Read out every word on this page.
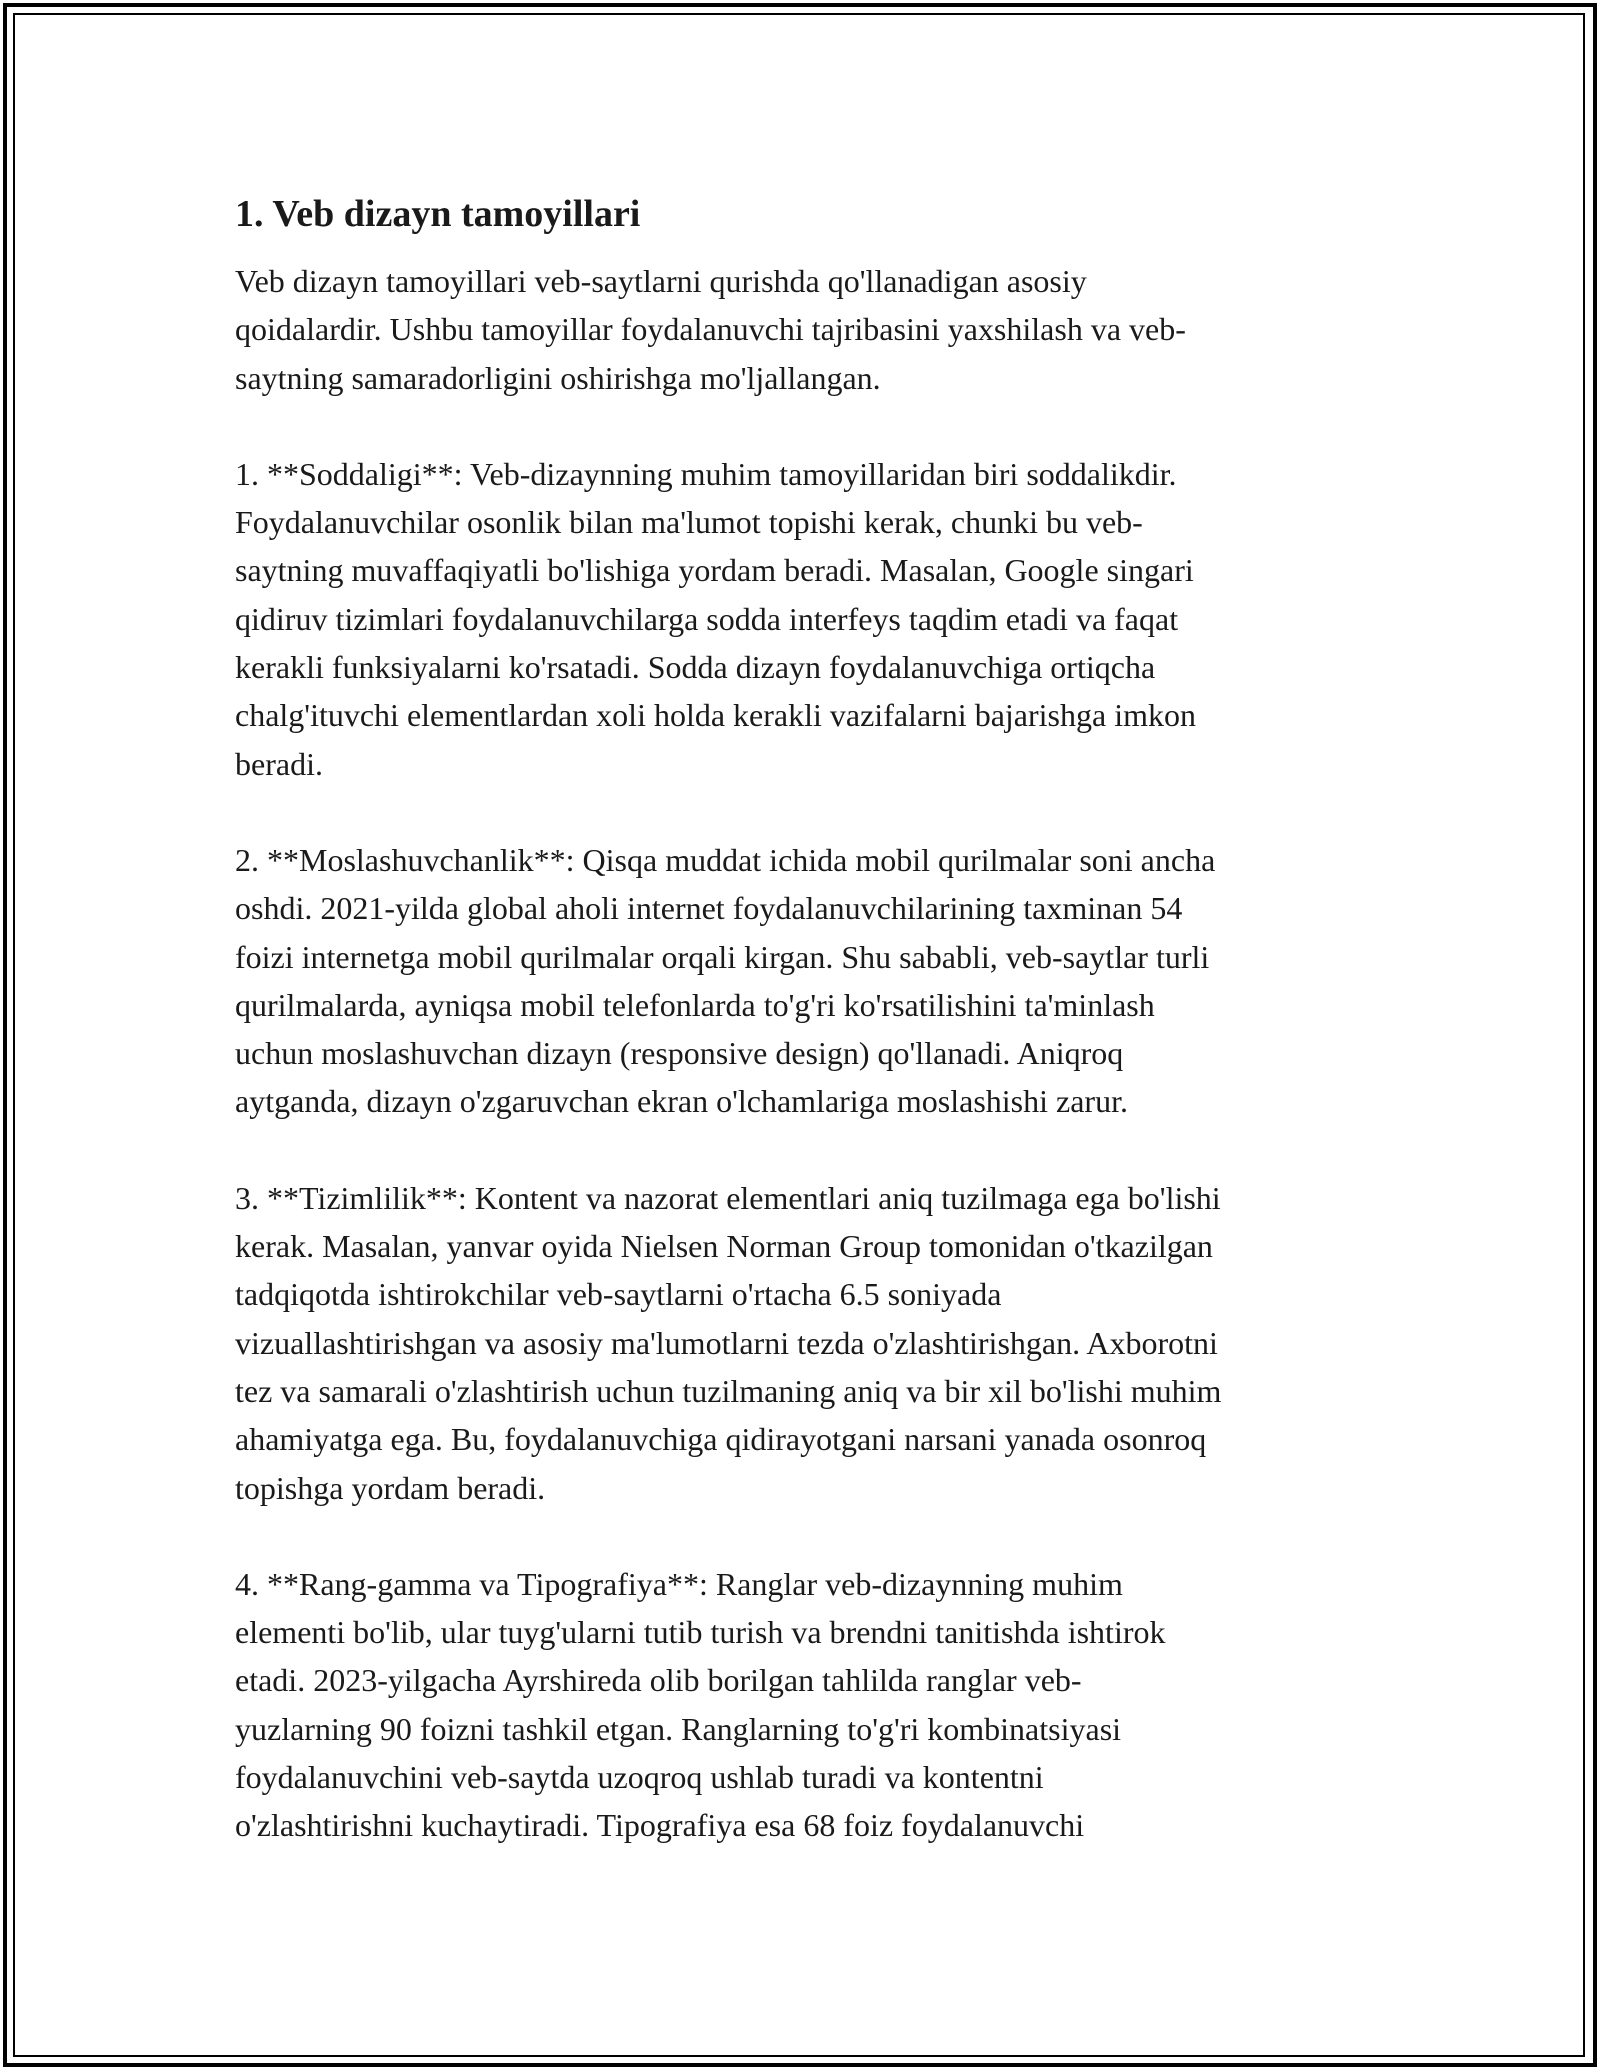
1. Veb dizayn tamoyillari

Veb dizayn tamoyillari veb-saytlarni qurishda qo'llanadigan asosiy
qoidalardir. Ushbu tamoyillar foydalanuvchi tajribasini yaxshilash va veb-
saytning samaradorligini oshirishga mo'ljallangan.

1. **Soddaligi**: Veb-dizaynning muhim tamoyillaridan biri soddalikdir.
Foydalanuvchilar osonlik bilan ma'lumot topishi kerak, chunki bu veb-
saytning muvaffaqiyatli bo'lishiga yordam beradi. Masalan, Google singari
qidiruv tizimlari foydalanuvchilarga sodda interfeys taqdim etadi va faqat
kerakli funksiyalarni ko'rsatadi. Sodda dizayn foydalanuvchiga ortiqcha
chalg'ituvchi elementlardan xoli holda kerakli vazifalarni bajarishga imkon
beradi.

2. **Moslashuvchanlik**: Qisqa muddat ichida mobil qurilmalar soni ancha
oshdi. 2021-yilda global aholi internet foydalanuvchilarining taxminan 54
foizi internetga mobil qurilmalar orqali kirgan. Shu sababli, veb-saytlar turli
qurilmalarda, ayniqsa mobil telefonlarda to'g'ri ko'rsatilishini ta'minlash
uchun moslashuvchan dizayn (responsive design) qo'llanadi. Aniqroq
aytganda, dizayn o'zgaruvchan ekran o'lchamlariga moslashishi zarur.

3. **Tizimlilik**: Kontent va nazorat elementlari aniq tuzilmaga ega bo'lishi
kerak. Masalan, yanvar oyida Nielsen Norman Group tomonidan o'tkazilgan
tadqiqotda ishtirokchilar veb-saytlarni o'rtacha 6.5 soniyada
vizuallashtirishgan va asosiy ma'lumotlarni tezda o'zlashtirishgan. Axborotni
tez va samarali o'zlashtirish uchun tuzilmaning aniq va bir xil bo'lishi muhim
ahamiyatga ega. Bu, foydalanuvchiga qidirayotgani narsani yanada osonroq
topishga yordam beradi.

4. **Rang-gamma va Tipografiya**: Ranglar veb-dizaynning muhim
elementi bo'lib, ular tuyg'ularni tutib turish va brendni tanitishda ishtirok
etadi. 2023-yilgacha Ayrshireda olib borilgan tahlilda ranglar veb-
yuzlarning 90 foizni tashkil etgan. Ranglarning to'g'ri kombinatsiyasi
foydalanuvchini veb-saytda uzoqroq ushlab turadi va kontentni
o'zlashtirishni kuchaytiradi. Tipografiya esa 68 foiz foydalanuvchi
